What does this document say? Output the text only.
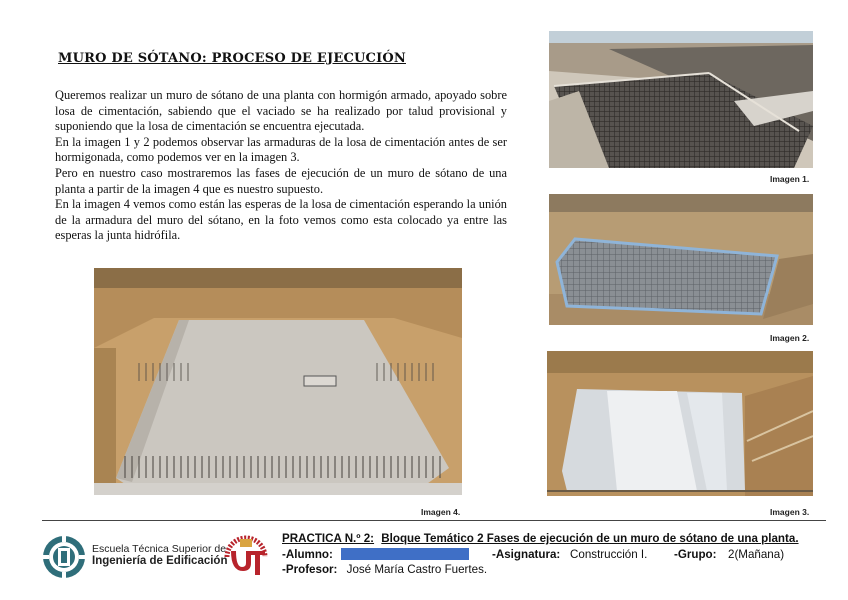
MURO DE SÓTANO: PROCESO DE EJECUCIÓN

Queremos realizar un muro de sótano de una planta con hormigón armado, apoyado sobre losa de cimentación, sabiendo que el vaciado se ha realizado por talud provisional y suponiendo que la losa de cimentación se encuentra ejecutada.

En la imagen 1 y 2 podemos observar las armaduras de la losa de cimentación antes de ser hormigonada, como podemos ver en la imagen 3.

Pero en nuestro caso mostraremos las fases de ejecución de un muro de sótano de una planta a partir de la imagen 4 que es nuestro supuesto.

En la imagen 4 vemos como están las esperas de la losa de cimentación esperando la unión de la armadura del muro del sótano, en la foto vemos como esta colocado ya entre las esperas la junta hidrófila.

Imagen 1.
Imagen 2.
Imagen 3.
Imagen 4.
Escuela Técnica Superior de
Ingeniería de Edificación
PRACTICA N.º 2: Bloque Temático 2 Fases de ejecución de un muro de sótano de una planta.
-Alumno:	-Asignatura: Construcción I. -Grupo: 2(Mañana)
-Profesor: José María Castro Fuertes.
